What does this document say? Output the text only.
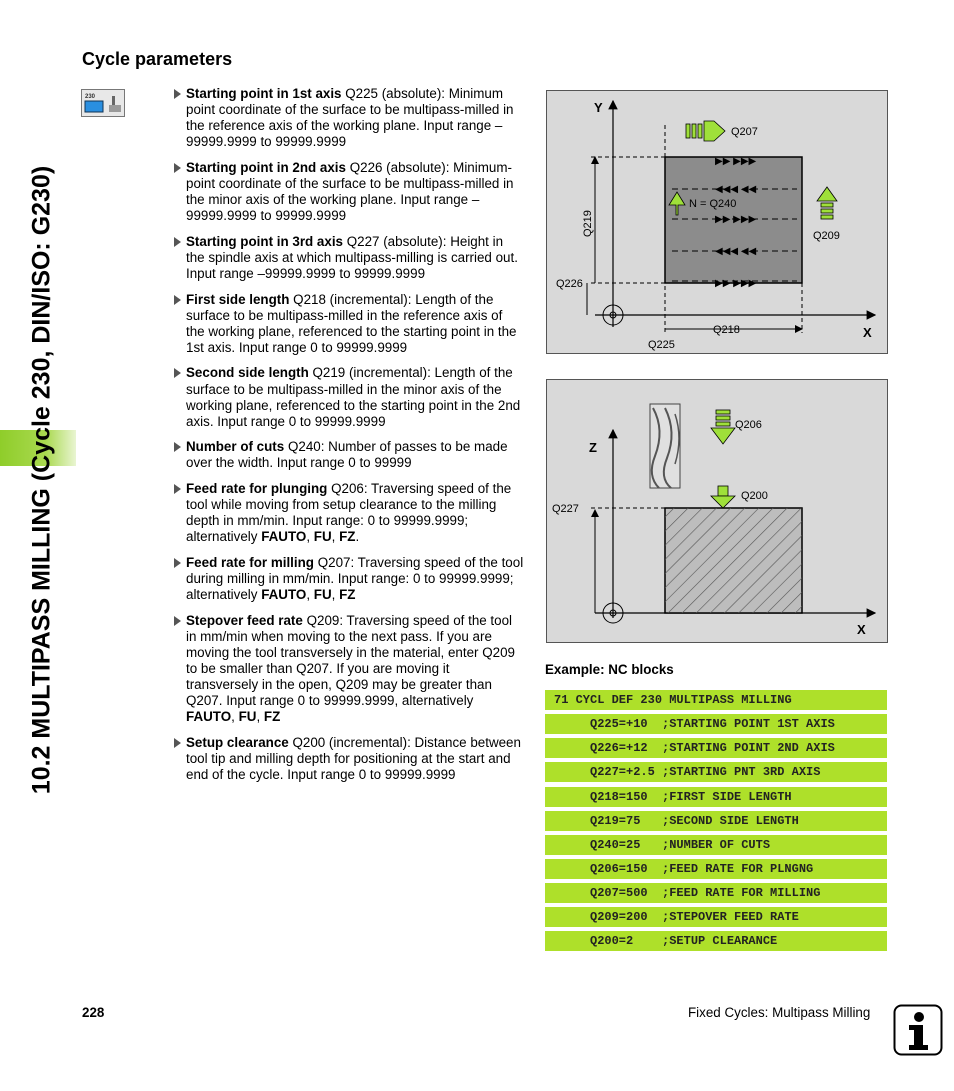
10.2 MULTIPASS MILLING (Cycle 230, DIN/ISO: G230)
Cycle parameters
230	Starting point in 1st axis Q225 (absolute): Minimum point coordinate of the surface to be multipass-milled in the reference axis of the working plane. Input range –99999.9999 to 99999.9999
Starting point in 2nd axis Q226 (absolute): Minimum-point coordinate of the surface to be multipass-milled in the minor axis of the working plane. Input range –99999.9999 to 99999.9999
Starting point in 3rd axis Q227 (absolute): Height in the spindle axis at which multipass-milling is carried out. Input range –99999.9999 to 99999.9999
First side length Q218 (incremental): Length of the surface to be multipass-milled in the reference axis of the working plane, referenced to the starting point in the 1st axis. Input range 0 to 99999.9999
Second side length Q219 (incremental): Length of the surface to be multipass-milled in the minor axis of the working plane, referenced to the starting point in the 2nd axis. Input range 0 to 99999.9999
Number of cuts Q240: Number of passes to be made over the width. Input range 0 to 99999
Feed rate for plunging Q206: Traversing speed of the tool while moving from setup clearance to the milling depth in mm/min. Input range: 0 to 99999.9999; alternatively FAUTO, FU, FZ.
Feed rate for milling Q207: Traversing speed of the tool during milling in mm/min. Input range: 0 to 99999.9999; alternatively FAUTO, FU, FZ
Stepover feed rate Q209: Traversing speed of the tool in mm/min when moving to the next pass. If you are moving the tool transversely in the material, enter Q209 to be smaller than Q207. If you are moving it transversely in the open, Q209 may be greater than Q207. Input range 0 to 99999.9999, alternatively FAUTO, FU, FZ
Setup clearance Q200 (incremental): Distance between tool tip and milling depth for positioning at the start and end of the cycle. Input range 0 to 99999.9999
Y
X
▶▶ ▶▶▶
◀◀◀ ◀◀
▶▶ ▶▶▶
◀◀◀ ◀◀
▶▶ ▶▶▶
Q207
N = Q240
Q209
Q219
Q226
Q218
Q225
Z
X
Q206
Q200
Q227
Example: NC blocks
71 CYCL DEF 230 MULTIPASS MILLING
Q225=+10  ;STARTING POINT 1ST AXIS
Q226=+12  ;STARTING POINT 2ND AXIS
Q227=+2.5 ;STARTING PNT 3RD AXIS
Q218=150  ;FIRST SIDE LENGTH
Q219=75   ;SECOND SIDE LENGTH
Q240=25   ;NUMBER OF CUTS
Q206=150  ;FEED RATE FOR PLNGNG
Q207=500  ;FEED RATE FOR MILLING
Q209=200  ;STEPOVER FEED RATE
Q200=2    ;SETUP CLEARANCE
228	Fixed Cycles: Multipass Milling
